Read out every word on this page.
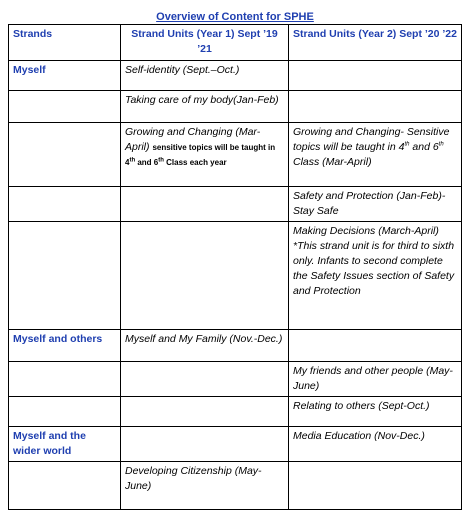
Overview of Content for SPHE
Strands	Strand Units (Year 1) Sept ’19 ’21	Strand Units (Year 2) Sept ’20 ’22
Myself	Self-identity (Sept.–Oct.)	
	Taking care of my body(Jan-Feb)	
	Growing and Changing (Mar-April) sensitive topics will be taught in 4th and 6th Class each year	Growing and Changing- Sensitive topics will be taught in 4th and 6th Class (Mar-April)
		Safety and Protection (Jan-Feb)-Stay Safe

		Making Decisions (March-April)
*This strand unit is for third to sixth only. Infants to second complete the Safety Issues section of Safety and Protection

Myself and others	Myself and My Family (Nov.-Dec.)	
		My friends and other people (May-June)
		Relating to others (Sept-Oct.)
Myself and the wider world		Media Education (Nov-Dec.)
	Developing Citizenship (May-June)	
